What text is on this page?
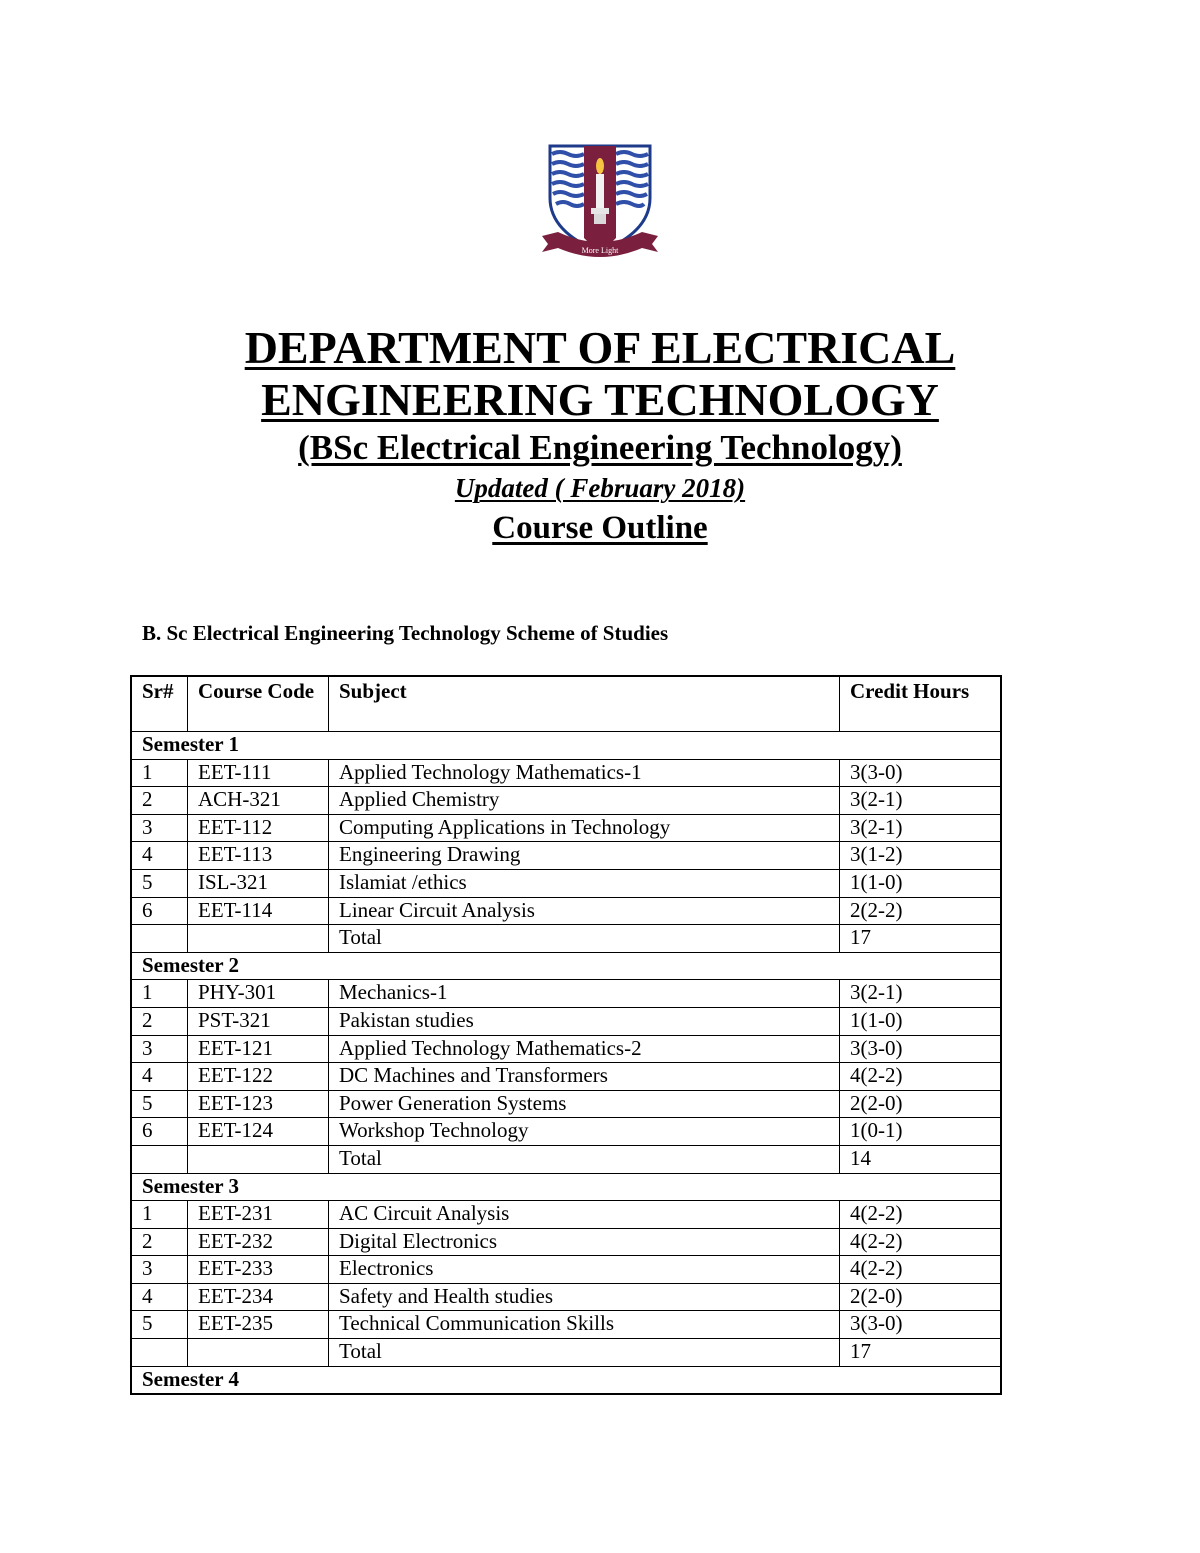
More Light
DEPARTMENT OF ELECTRICAL
ENGINEERING TECHNOLOGY
(BSc Electrical Engineering Technology)
Updated ( February 2018)
Course Outline
B. Sc Electrical Engineering Technology Scheme of Studies
Sr#	Course Code	Subject	Credit Hours
Semester 1			
1	EET-111	Applied Technology Mathematics-1	3(3-0)
2	ACH-321	Applied Chemistry	3(2-1)
3	EET-112	Computing Applications in Technology	3(2-1)
4	EET-113	Engineering Drawing	3(1-2)
5	ISL-321	Islamiat /ethics	1(1-0)
6	EET-114	Linear Circuit Analysis	2(2-2)
		Total	17
Semester 2			
1	PHY-301	Mechanics-1	3(2-1)
2	PST-321	Pakistan studies	1(1-0)
3	EET-121	Applied Technology Mathematics-2	3(3-0)
4	EET-122	DC Machines and Transformers	4(2-2)
5	EET-123	Power Generation Systems	2(2-0)
6	EET-124	Workshop Technology	1(0-1)
		Total	14
Semester 3			
1	EET-231	AC Circuit Analysis	4(2-2)
2	EET-232	Digital Electronics	4(2-2)
3	EET-233	Electronics	4(2-2)
4	EET-234	Safety and Health studies	2(2-0)
5	EET-235	Technical Communication Skills	3(3-0)
		Total	17
Semester 4			
